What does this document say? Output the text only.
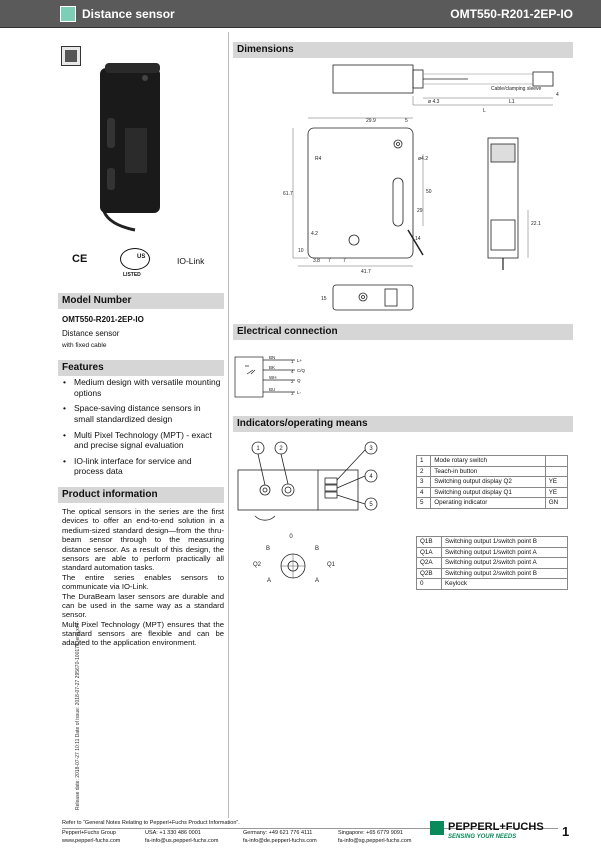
Distance sensor	OMT550-R201-2EP-IO
CE	US
LISTED
IO-Link
Model Number
OMT550-R201-2EP-IO
Distance sensor
with fixed cable
Features
• Medium design with versatile mounting options
• Space-saving distance sensors in small standardized design
• Multi Pixel Technology (MPT) - exact and precise signal evaluation
• IO-link interface for service and process data
Product information

The optical sensors in the series are the first devices to offer an end-to-end solution in a medium-sized standard design—from the thru-beam sensor through to the measuring distance sensor. As a result of this design, the sensors are able to perform practically all standard automation tasks.

The entire series enables sensors to communicate via IO-Link.

The DuraBeam laser sensors are durable and can be used in the same way as a standard sensor.

Multi Pixel Technology (MPT) ensures that the standard sensors are flexible and can be adapted to the application environment.

Release date: 2018-07-27 10:11 Date of issue: 2018-07-27 295670-100176_eng.xml
Dimensions
Cable/clamping sleeve
ø 4.3	L1
L
4
29.9	5
R4
61.7	50
29
ø4.2
4.2
14
22.1
10
3.8 7 7
41.7
15
Electrical connection
BN
BK
WH
BU
1
4
2
3
L+
C/Q
Q
L-
Indicators/operating means
1	2	3
4
5
0
B	B
Q2	Q1
A	A
1	Mode rotary switch	
2	Teach-in button	
3	Switching output display Q2	YE
4	Switching output display Q1	YE
5	Operating indicator	GN
Q1B	Switching output 1/switch point B
Q1A	Switching output 1/switch point A
Q2A	Switching output 2/switch point A
Q2B	Switching output 2/switch point B
0	Keylock
Refer to “General Notes Relating to Pepperl+Fuchs Product Information”.
Pepperl+Fuchs Group
www.pepperl-fuchs.com
USA: +1 330 486 0001
fa-info@us.pepperl-fuchs.com
Germany: +49 621 776 4111
fa-info@de.pepperl-fuchs.com
Singapore: +65 6779 9091
fa-info@sg.pepperl-fuchs.com
PEPPERL+FUCHS
SENSING YOUR NEEDS	1
